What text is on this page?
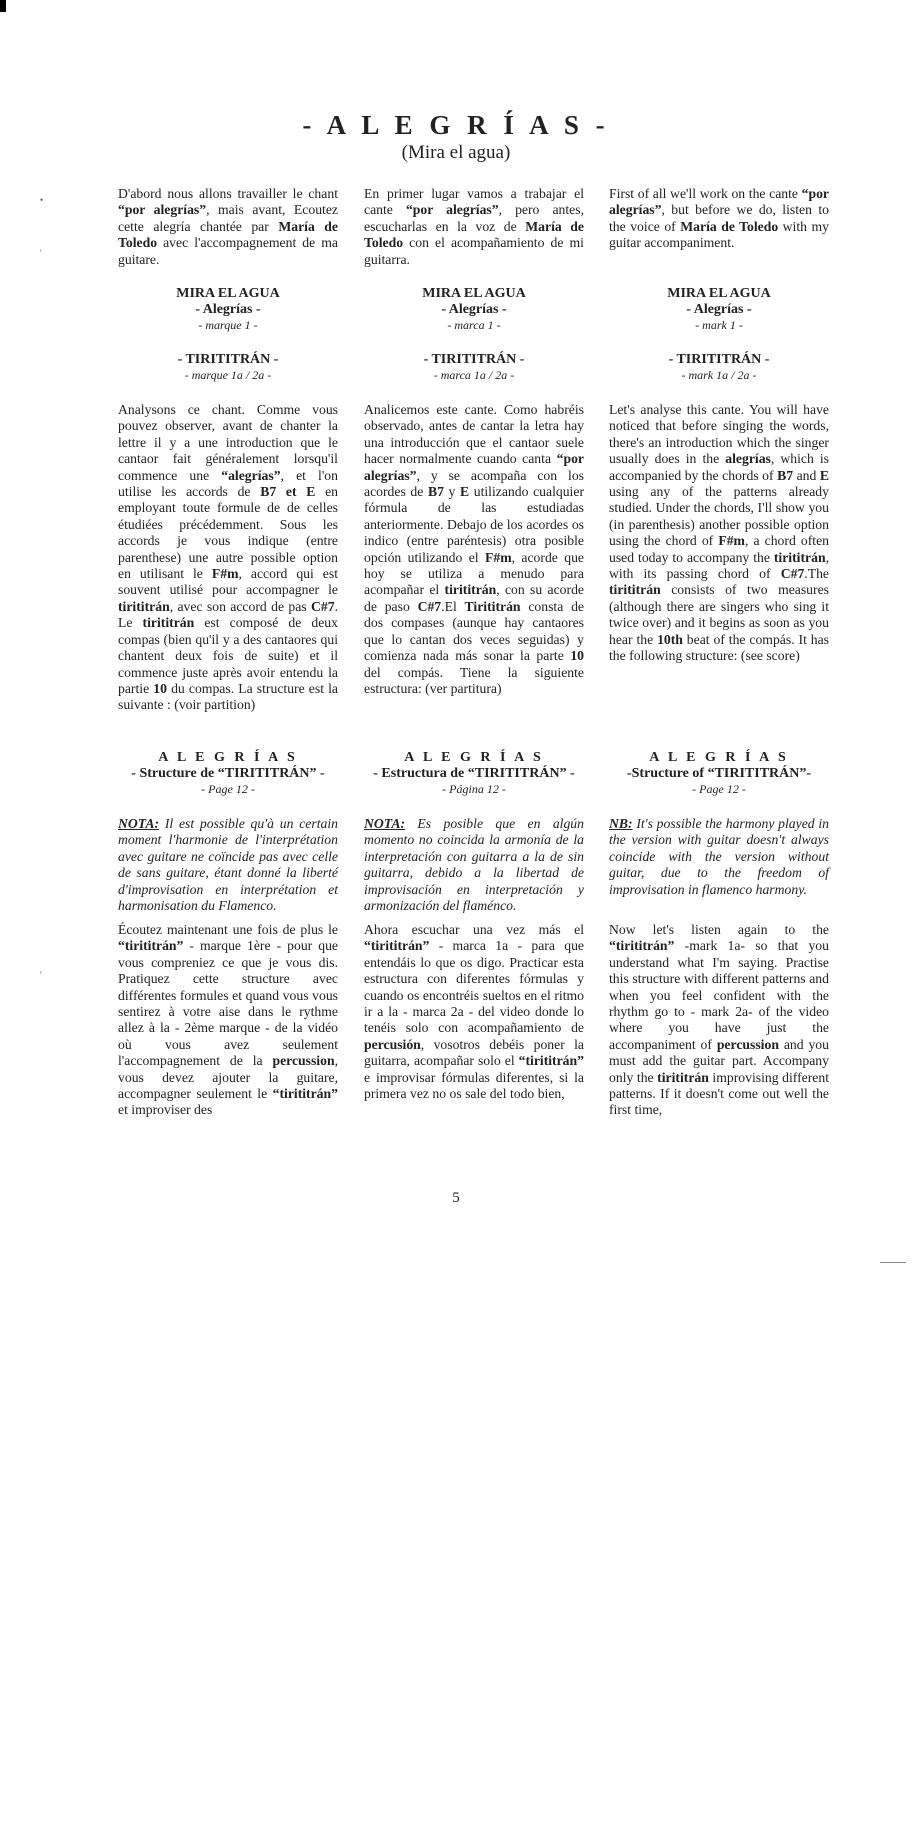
•
'
'
- A L E G R Í A S -
(Mira el agua)

D'abord nous allons travailler le chant “por alegrías”, mais avant, Ecoutez cette alegría chantée par María de Toledo avec l'accompagnement de ma guitare.

MIRA EL AGUA
- Alegrías -
- marque 1 -
- TIRITITRÁN -
- marque 1a / 2a -

Analysons ce chant. Comme vous pouvez observer, avant de chanter la lettre il y a une introduction que le cantaor fait généralement lorsqu'il commence une “alegrías”, et l'on utilise les accords de B7 et E en employant toute formule de de celles étudiées précédemment. Sous les accords je vous indique (entre parenthese) une autre possible option en utilisant le F#m, accord qui est souvent utilisé pour accompagner le tirititrán, avec son accord de pas C#7. Le tirititrán est composé de deux compas (bien qu'il y a des cantaores qui chantent deux fois de suite) et il commence juste après avoir entendu la partie 10 du compas. La structure est la suivante : (voir partition)

A L E G R Í A S
- Structure de “TIRITITRÁN” -
- Page 12 -

NOTA: Il est possible qu'à un certain moment l'harmonie de l'interprétation avec guitare ne coïncide pas avec celle de sans guitare, étant donné la liberté d'improvisation en interprétation et harmonisation du Flamenco.

Écoutez maintenant une fois de plus le “tirititrán” - marque 1ère - pour que vous compreniez ce que je vous dis. Pratiquez cette structure avec différentes formules et quand vous vous sentirez à votre aise dans le rythme allez à la - 2ème marque - de la vidéo où vous avez seulement l'accompagnement de la percussion, vous devez ajouter la guitare, accompagner seulement le “tirititrán” et improviser des

En primer lugar vamos a trabajar el cante “por alegrías”, pero antes, escucharlas en la voz de María de Toledo con el acompañamiento de mi guitarra.

MIRA EL AGUA
- Alegrías -
- marca 1 -
- TIRITITRÁN -
- marca 1a / 2a -

Analicemos este cante. Como habréis observado, antes de cantar la letra hay una introducción que el cantaor suele hacer normalmente cuando canta “por alegrías”, y se acompaña con los acordes de B7 y E utilizando cualquier fórmula de las estudiadas anteriormente. Debajo de los acordes os indico (entre paréntesis) otra posible opción utilizando el F#m, acorde que hoy se utiliza a menudo para acompañar el tirititrán, con su acorde de paso C#7.El Tirititrán consta de dos compases (aunque hay cantaores que lo cantan dos veces seguidas) y comienza nada más sonar la parte 10 del compás. Tiene la siguiente estructura: (ver partitura)

A L E G R Í A S
- Estructura de “TIRITITRÁN” -
- Página 12 -

NOTA: Es posible que en algún momento no coincida la armonía de la interpretación con guitarra a la de sin guitarra, debido a la libertad de improvisación en interpretación y armonización del flaménco.

Ahora escuchar una vez más el “tirititrán” - marca 1a - para que entendáis lo que os digo. Practicar esta estructura con diferentes fórmulas y cuando os encontréis sueltos en el ritmo ir a la - marca 2a - del video donde lo tenéis solo con acompañamiento de percusión, vosotros debéis poner la guitarra, acompañar solo el “tirititrán” e improvisar fórmulas diferentes, si la primera vez no os sale del todo bien,

First of all we'll work on the cante “por alegrías”, but before we do, listen to the voice of María de Toledo with my guitar accompaniment.

MIRA EL AGUA
- Alegrías -
- mark 1 -
- TIRITITRÁN -
- mark 1a / 2a -

Let's analyse this cante. You will have noticed that before singing the words, there's an introduction which the singer usually does in the alegrías, which is accompanied by the chords of B7 and E using any of the patterns already studied. Under the chords, I'll show you (in parenthesis) another possible option using the chord of F#m, a chord often used today to accompany the tirititrán, with its passing chord of C#7.The tirititrán consists of two measures (although there are singers who sing it twice over) and it begins as soon as you hear the 10th beat of the compás. It has the following structure: (see score)

A L E G R Í A S
-Structure of “TIRITITRÁN”-
- Page 12 -

NB: It's possible the harmony played in the version with guitar doesn't always coincide with the version without guitar, due to the freedom of improvisation in flamenco harmony.

Now let's listen again to the “tirititrán” -mark 1a- so that you understand what I'm saying. Practise this structure with different patterns and when you feel confident with the rhythm go to - mark 2a- of the video where you have just the accompaniment of percussion and you must add the guitar part. Accompany only the tirititrán improvising different patterns. If it doesn't come out well the first time,

5
